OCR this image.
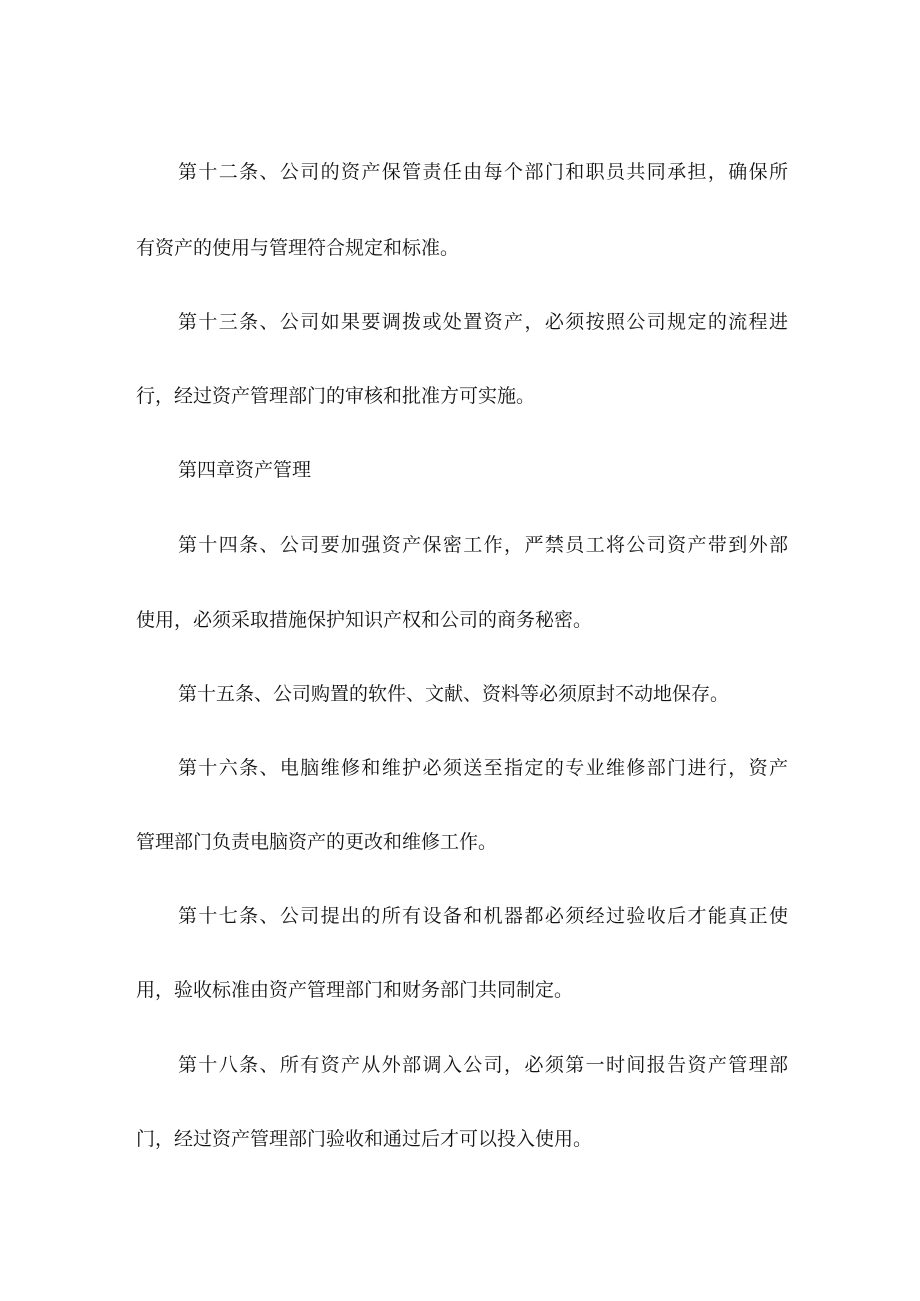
第十二条、公司的资产保管责任由每个部门和职员共同承担，确保所
有资产的使用与管理符合规定和标准。
第十三条、公司如果要调拨或处置资产，必须按照公司规定的流程进
行，经过资产管理部门的审核和批准方可实施。
第四章资产管理
第十四条、公司要加强资产保密工作，严禁员工将公司资产带到外部
使用，必须采取措施保护知识产权和公司的商务秘密。
第十五条、公司购置的软件、文献、资料等必须原封不动地保存。
第十六条、电脑维修和维护必须送至指定的专业维修部门进行，资产
管理部门负责电脑资产的更改和维修工作。
第十七条、公司提出的所有设备和机器都必须经过验收后才能真正使
用，验收标准由资产管理部门和财务部门共同制定。
第十八条、所有资产从外部调入公司，必须第一时间报告资产管理部
门，经过资产管理部门验收和通过后才可以投入使用。
